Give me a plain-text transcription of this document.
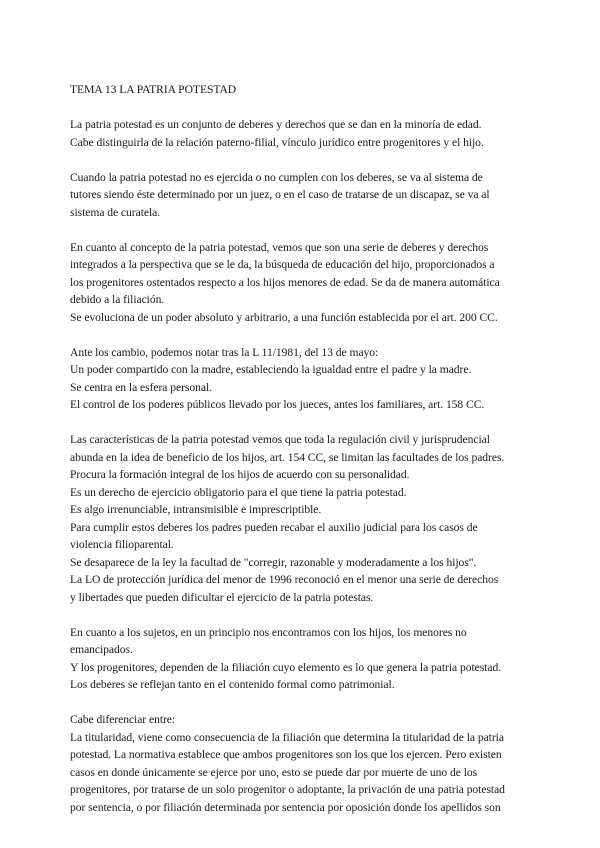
TEMA 13 LA PATRIA POTESTAD

La patria potestad es un conjunto de deberes y derechos que se dan en la minoría de edad.
Cabe distinguirla de la relación paterno-filial, vínculo jurídico entre progenitores y el hijo.

Cuando la patria potestad no es ejercida o no cumplen con los deberes, se va al sistema de
tutores siendo éste determinado por un juez, o en el caso de tratarse de un discapaz, se va al
sistema de curatela.

En cuanto al concepto de la patria potestad, vemos que son una serie de deberes y derechos
integrados a la perspectiva que se le da, la búsqueda de educación del hijo, proporcionados a
los progenitores ostentados respecto a los hijos menores de edad. Se da de manera automática
debido a la filiación.
Se evoluciona de un poder absoluto y arbitrario, a una función establecida por el art. 200 CC.

Ante los cambio, podemos notar tras la L 11/1981, del 13 de mayo:
Un poder compartido con la madre, estableciendo la igualdad entre el padre y la madre.
Se centra en la esfera personal.
El control de los poderes públicos llevado por los jueces, antes los familiares, art. 158 CC.

Las características de la patria potestad vemos que toda la regulación civil y jurisprudencial
abunda en la idea de beneficio de los hijos, art. 154 CC, se limitan las facultades de los padres.
Procura la formación integral de los hijos de acuerdo con su personalidad.
Es un derecho de ejercicio obligatorio para el que tiene la patria potestad.
Es algo irrenunciable, intransmisible e imprescriptible.
Para cumplir estos deberes los padres pueden recabar el auxilio judicial para los casos de
violencia filioparental.
Se desaparece de la ley la facultad de "corregir, razonable y moderadamente a los hijos".
La LO de protección jurídica del menor de 1996 reconoció en el menor una serie de derechos
y libertades que pueden dificultar el ejercicio de la patria potestas.

En cuanto a los sujetos, en un principio nos encontramos con los hijos, los menores no
emancipados.
Y los progenitores, dependen de la filiación cuyo elemento es lo que genera la patria potestad.
Los deberes se reflejan tanto en el contenido formal como patrimonial.

Cabe diferenciar entre:
La titularidad, viene como consecuencia de la filiación que determina la titularidad de la patria
potestad. La normativa establece que ambos progenitores son los que los ejercen. Pero existen
casos en donde únicamente se ejerce por uno, esto se puede dar por muerte de uno de los
progenitores, por tratarse de un solo progenitor o adoptante, la privación de una patria potestad
por sentencia, o por filiación determinada por sentencia por oposición donde los apellidos son
